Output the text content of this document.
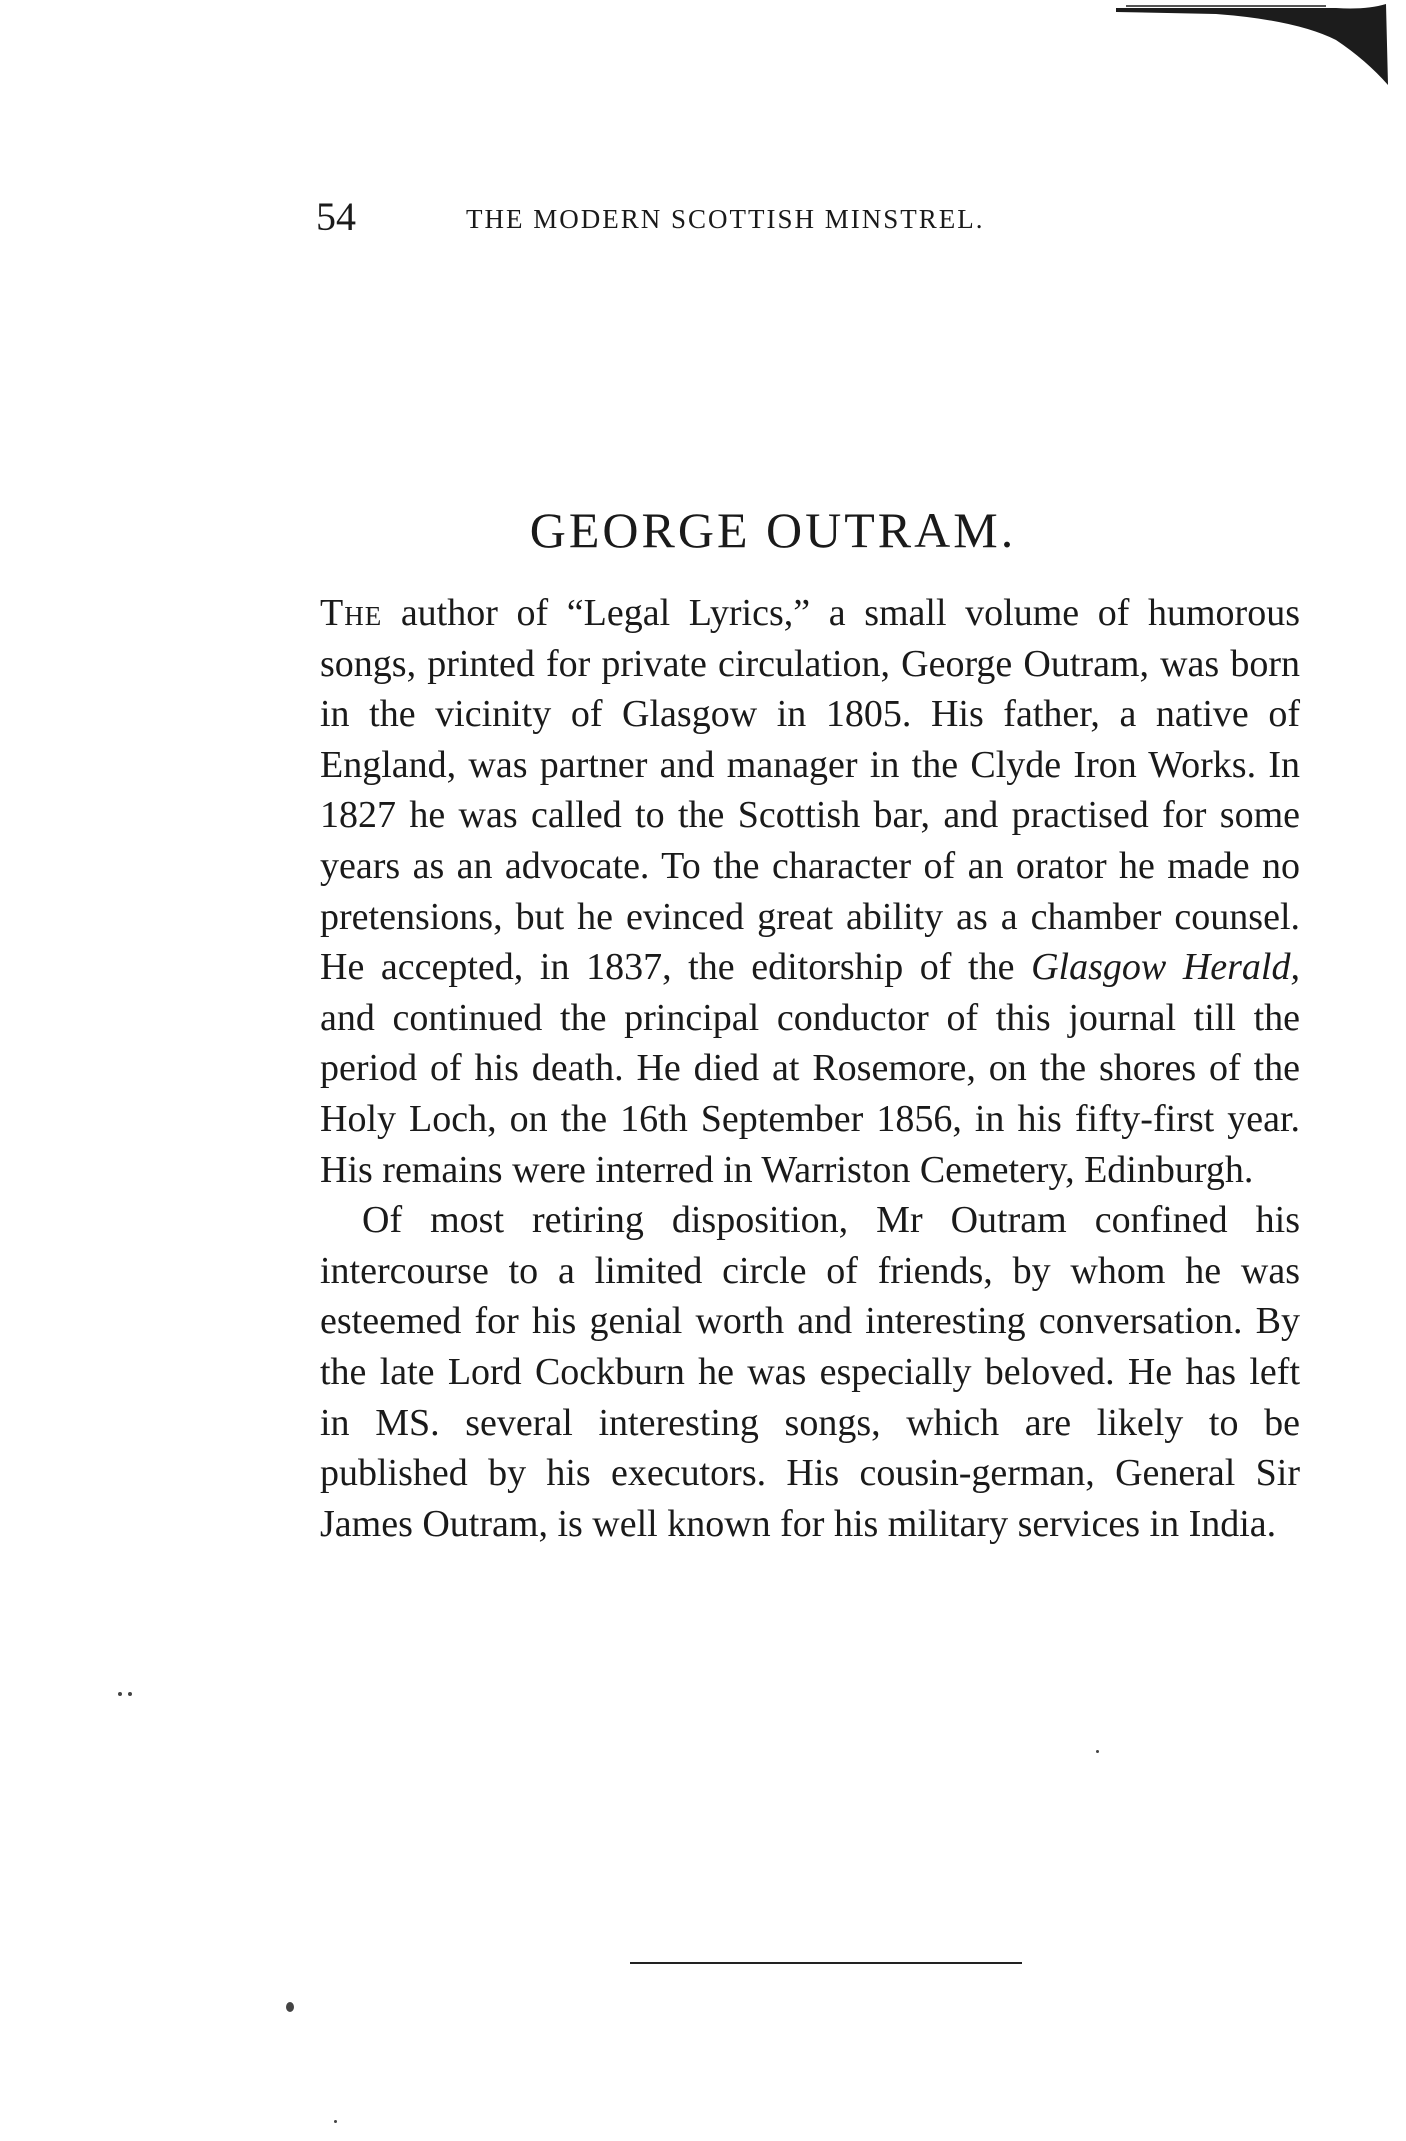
54	THE MODERN SCOTTISH MINSTREL.
GEORGE OUTRAM.

The author of “Legal Lyrics,” a small volume of humorous songs, printed for private circulation, George Outram, was born in the vicinity of Glasgow in 1805. His father, a native of England, was partner and manager in the Clyde Iron Works. In 1827 he was called to the Scottish bar, and practised for some years as an advocate. To the character of an orator he made no pretensions, but he evinced great ability as a chamber counsel. He accepted, in 1837, the editorship of the Glasgow Herald, and continued the principal conductor of this journal till the period of his death. He died at Rosemore, on the shores of the Holy Loch, on the 16th September 1856, in his fifty-first year. His remains were interred in Warriston Cemetery, Edinburgh.

Of most retiring disposition, Mr Outram confined his intercourse to a limited circle of friends, by whom he was esteemed for his genial worth and interesting conversation. By the late Lord Cockburn he was especially beloved. He has left in MS. several interesting songs, which are likely to be published by his executors. His cousin-german, General Sir James Outram, is well known for his military services in India.
